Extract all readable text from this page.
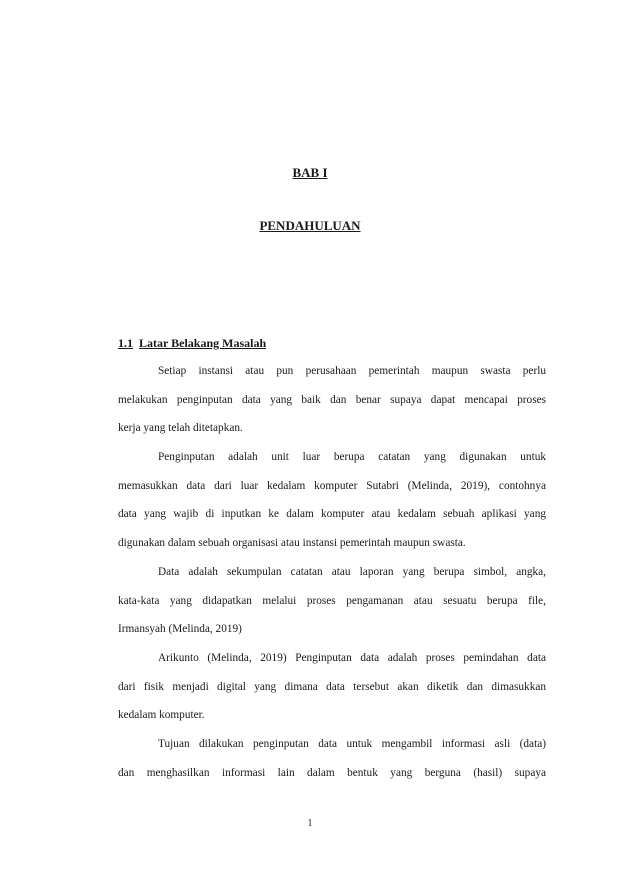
BAB I
PENDAHULUAN
1.1 Latar Belakang Masalah
Setiap instansi atau pun perusahaan pemerintah maupun swasta perlu
melakukan penginputan data yang baik dan benar supaya dapat mencapai proses
kerja yang telah ditetapkan.
Penginputan adalah unit luar berupa catatan yang digunakan untuk
memasukkan data dari luar kedalam komputer Sutabri (Melinda, 2019), contohnya
data yang wajib di inputkan ke dalam komputer atau kedalam sebuah aplikasi yang
digunakan dalam sebuah organisasi atau instansi pemerintah maupun swasta.
Data adalah sekumpulan catatan atau laporan yang berupa simbol, angka,
kata-kata yang didapatkan melalui proses pengamanan atau sesuatu berupa file,
Irmansyah (Melinda, 2019)
Arikunto (Melinda, 2019) Penginputan data adalah proses pemindahan data
dari fisik menjadi digital yang dimana data tersebut akan diketik dan dimasukkan
kedalam komputer.
Tujuan dilakukan penginputan data untuk mengambil informasi asli (data)
dan menghasilkan informasi lain dalam bentuk yang berguna (hasil) supaya
1
